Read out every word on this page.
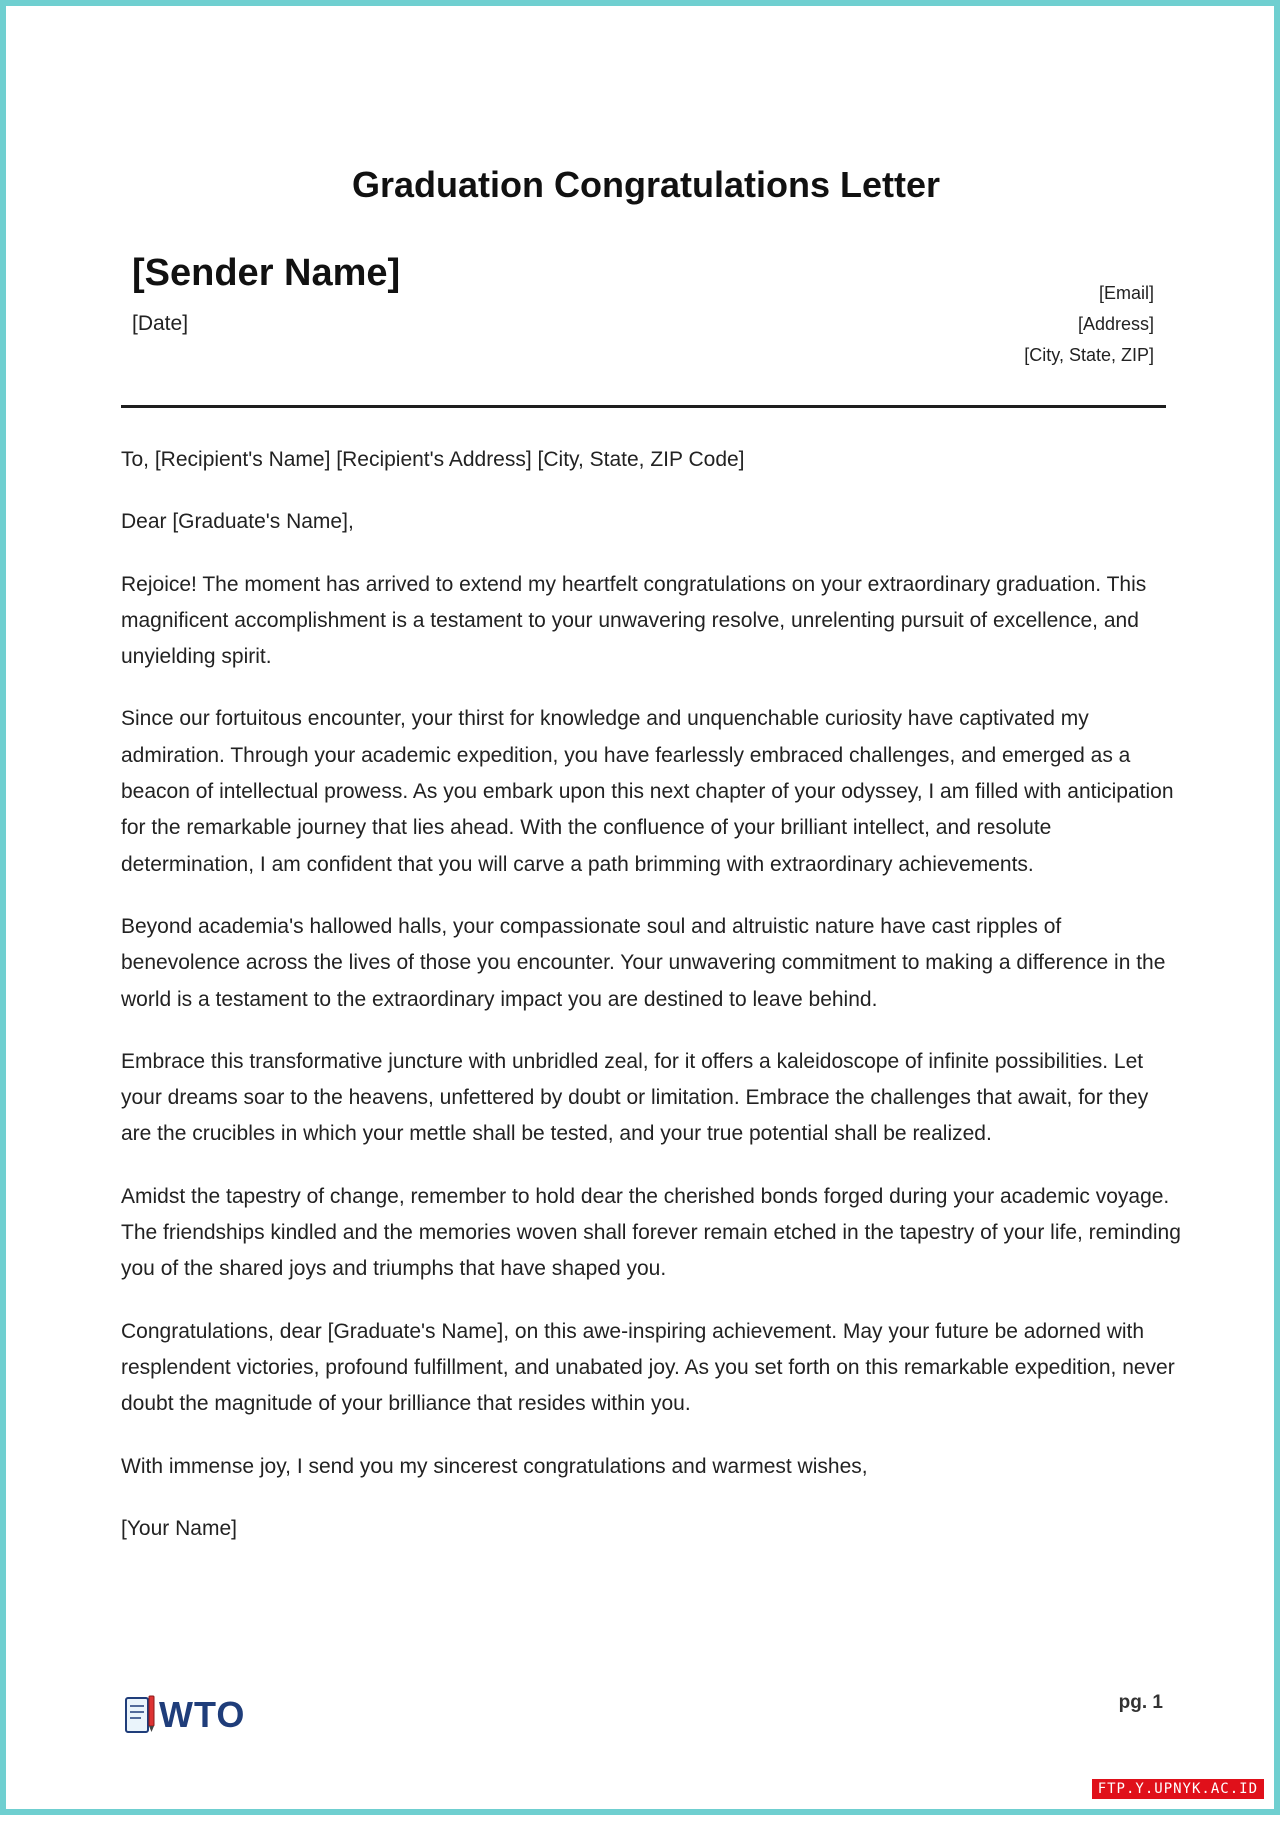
Graduation Congratulations Letter
[Sender Name]
[Date]
[Email]
[Address]
[City, State, ZIP]

To, [Recipient's Name] [Recipient's Address] [City, State, ZIP Code]

Dear [Graduate's Name],

Rejoice! The moment has arrived to extend my heartfelt congratulations on your extraordinary graduation. This magnificent accomplishment is a testament to your unwavering resolve, unrelenting pursuit of excellence, and unyielding spirit.

Since our fortuitous encounter, your thirst for knowledge and unquenchable curiosity have captivated my admiration. Through your academic expedition, you have fearlessly embraced challenges, and emerged as a beacon of intellectual prowess. As you embark upon this next chapter of your odyssey, I am filled with anticipation for the remarkable journey that lies ahead. With the confluence of your brilliant intellect, and resolute determination, I am confident that you will carve a path brimming with extraordinary achievements.

Beyond academia's hallowed halls, your compassionate soul and altruistic nature have cast ripples of benevolence across the lives of those you encounter. Your unwavering commitment to making a difference in the world is a testament to the extraordinary impact you are destined to leave behind.

Embrace this transformative juncture with unbridled zeal, for it offers a kaleidoscope of infinite possibilities. Let your dreams soar to the heavens, unfettered by doubt or limitation. Embrace the challenges that await, for they are the crucibles in which your mettle shall be tested, and your true potential shall be realized.

Amidst the tapestry of change, remember to hold dear the cherished bonds forged during your academic voyage. The friendships kindled and the memories woven shall forever remain etched in the tapestry of your life, reminding you of the shared joys and triumphs that have shaped you.

Congratulations, dear [Graduate's Name], on this awe-inspiring achievement. May your future be adorned with resplendent victories, profound fulfillment, and unabated joy. As you set forth on this remarkable expedition, never doubt the magnitude of your brilliance that resides within you.

With immense joy, I send you my sincerest congratulations and warmest wishes,

[Your Name]

WTO	pg. 1
FTP.Y.UPNYK.AC.ID
